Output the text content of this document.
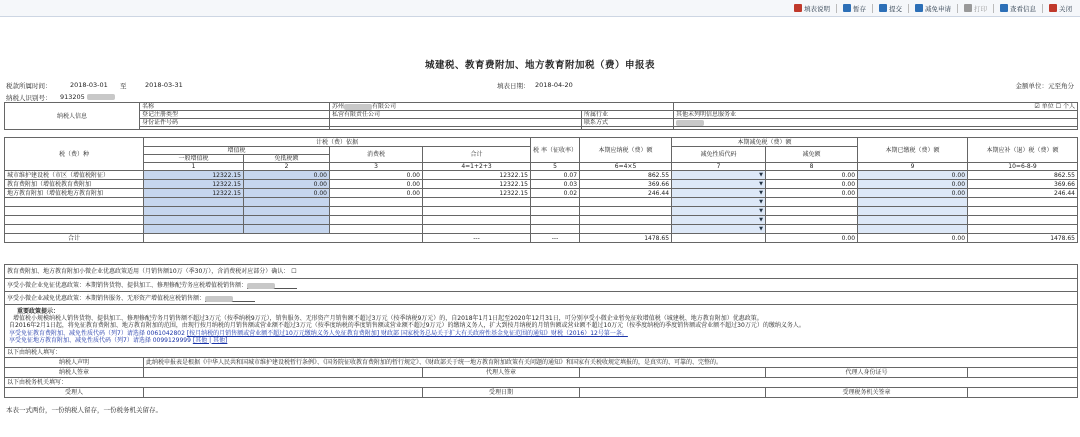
填表说明	暂存	提交	减免申请	打印	查看信息	关闭
城建税、教育费附加、地方教育附加税（费）申报表
税款所属时间：	2018-03-01 至	2018-03-31	填表日期： 2018-04-20	金额单位：元至角分
纳税人识别号： 913205
纳税人信息	名称	苏州 有限公司		☑ 单位 ☐ 个人
	登记注册类型	私营有限责任公司	所属行业	其他未列明信息服务业
	身份证件号码		联系方式	

税（费）种	计税（费）依据				税 率（征收率）	本期应纳税（费）额	本期减免税（费）额		本期已缴税（费）额	本期应补（退）税（费）额
	增值税		消费税	合计			减免性质代码	减免额		
	一般增值税	免抵税额								
	1	2	3	4=1+2+3	5	6=4×5	7	8	9	10=6-8-9
城市维护建设税（市区（增值税附征）	12322.15	0.00	0.00	12322.15	0.07	862.55	▼	0.00	0.00	862.55
教育费附加（增值税教育费附加	12322.15	0.00	0.00	12322.15	0.03	369.66	▼	0.00	0.00	369.66
地方教育附加（增值税地方教育附加	12322.15	0.00	0.00	12322.15	0.02	246.44	▼	0.00	0.00	246.44
							▼			
							▼			
							▼			
							▼			
合计				---	---	1478.65		0.00	0.00	1478.65
教育费附加、地方教育附加小微企业优惠政策适用（月销售额10万（季30万），含消费税对应部分）确认： ☐
享受小微企业免征优惠政策：本期销售货物、提供加工、修理修配劳务应税增值税销售额：
享受小微企业减免优惠政策：本期销售服务、无形资产增值税应税销售额：

重要政策提示：
增值税小规模纳税人销售货物、提供加工、修理修配劳务月销售额不超过3万元（按季纳税9万元），销售服务、无形资产月销售额不超过3万元（按季纳税9万元）的，自2018年1月1日起至2020年12月31日，可分别享受小微企业暂免征收增值税（城建税、地方教育附加）优惠政策。
自2016年2月1日起，将免征教育费附加、地方教育附加的范围，由现行按月纳税的月销售额或营业额不超过3万元（按季度纳税的季度销售额或营业额不超过9万元）的缴纳义务人，扩大到按月纳税的月销售额或营业额不超过10万元（按季度纳税的季度销售额或营业额不超过30万元）的缴纳义务人。
享受免征教育费附加、减免性质代码（列7）请选择 0061042802 [按月纳税的月销售额或营业额不超过10万元缴纳义务人免征教育费附加] 财政部 国家税务总局关于扩大有关政府性基金免征范围的通知》财税（2016）12号第一条。
享受免征地方教育附加、减免性质代码（列7）请选择 0099129999 [其他 | 其他]
以下由纳税人填写：					
纳税人声明	此纳税申报表是根据《中华人民共和国城市维护建设税暂行条例》、《国务院征收教育费附加的暂行规定》、《财政部关于统一地方教育附加政策有关问题的通知》和国家有关税收规定填报的，是真实的、可靠的、完整的。				
纳税人签章		代理人签章		代理人身份证号	
以下由税务机关填写：					
受理人		受理日期		受理税务机关签章	
本表一式两份，一份纳税人留存，一份税务机关留存。
